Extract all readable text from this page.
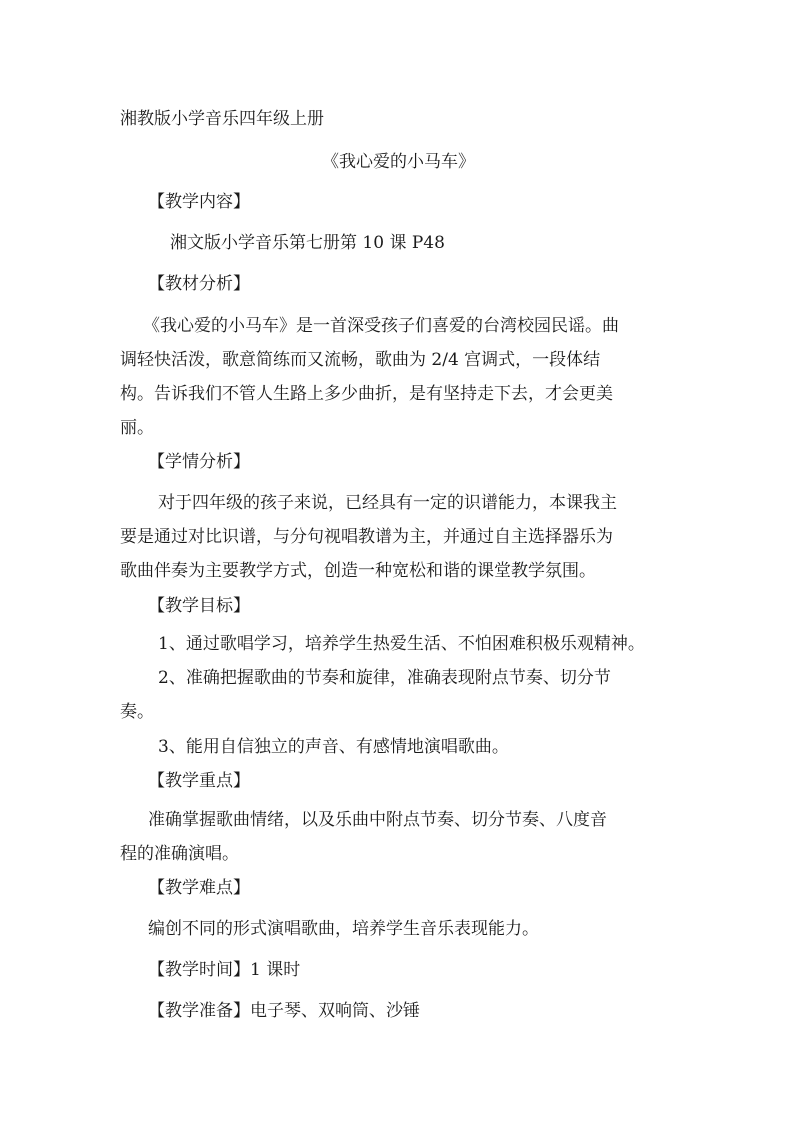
湘教版小学音乐四年级上册
《我心爱的小马车》
【教学内容】
湘文版小学音乐第七册第 10 课 P48
【教材分析】
《我心爱的小马车》是一首深受孩子们喜爱的台湾校园民谣。曲
调轻快活泼，歌意简练而又流畅，歌曲为 2/4 宫调式，一段体结
构。告诉我们不管人生路上多少曲折，是有坚持走下去，才会更美
丽。
【学情分析】
对于四年级的孩子来说，已经具有一定的识谱能力，本课我主
要是通过对比识谱，与分句视唱教谱为主，并通过自主选择器乐为
歌曲伴奏为主要教学方式，创造一种宽松和谐的课堂教学氛围。
【教学目标】
1、通过歌唱学习，培养学生热爱生活、不怕困难积极乐观精神。
2、准确把握歌曲的节奏和旋律，准确表现附点节奏、切分节
奏。
3、能用自信独立的声音、有感情地演唱歌曲。
【教学重点】
准确掌握歌曲情绪，以及乐曲中附点节奏、切分节奏、八度音
程的准确演唱。
【教学难点】
编创不同的形式演唱歌曲，培养学生音乐表现能力。
【教学时间】1 课时
【教学准备】电子琴、双响筒、沙锤
